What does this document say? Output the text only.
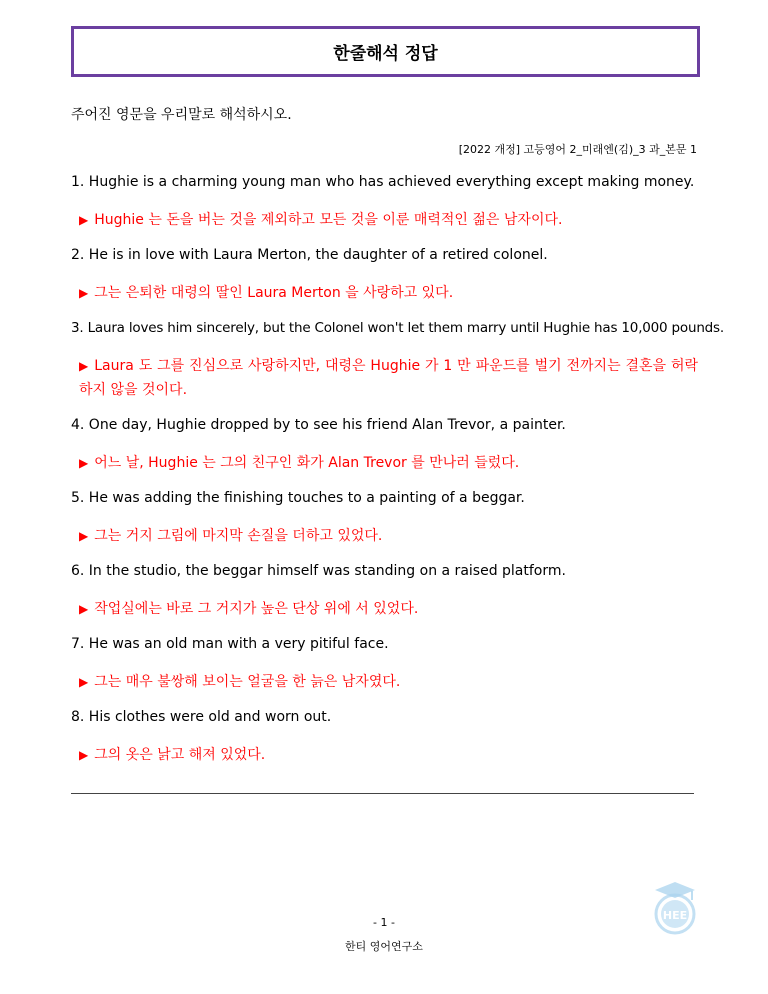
한줄해석 정답
주어진 영문을 우리말로 해석하시오.
[2022 개정] 고등영어 2_미래엔(김)_3 과_본문 1
1. Hughie is a charming young man who has achieved everything except making money.
▶ Hughie 는 돈을 버는 것을 제외하고 모든 것을 이룬 매력적인 젊은 남자이다.
2. He is in love with Laura Merton, the daughter of a retired colonel.
▶ 그는 은퇴한 대령의 딸인 Laura Merton 을 사랑하고 있다.
3. Laura loves him sincerely, but the Colonel won't let them marry until Hughie has 10,000 pounds.
▶ Laura 도 그를 진심으로 사랑하지만, 대령은 Hughie 가 1 만 파운드를 벌기 전까지는 결혼을 허락하지 않을 것이다.
4. One day, Hughie dropped by to see his friend Alan Trevor, a painter.
▶ 어느 날, Hughie 는 그의 친구인 화가 Alan Trevor 를 만나러 들렀다.
5. He was adding the finishing touches to a painting of a beggar.
▶ 그는 거지 그림에 마지막 손질을 더하고 있었다.
6. In the studio, the beggar himself was standing on a raised platform.
▶ 작업실에는 바로 그 거지가 높은 단상 위에 서 있었다.
7. He was an old man with a very pitiful face.
▶ 그는 매우 불쌍해 보이는 얼굴을 한 늙은 남자였다.
8. His clothes were old and worn out.
▶ 그의 옷은 낡고 해져 있었다.
HEE
- 1 -
한티 영어연구소
